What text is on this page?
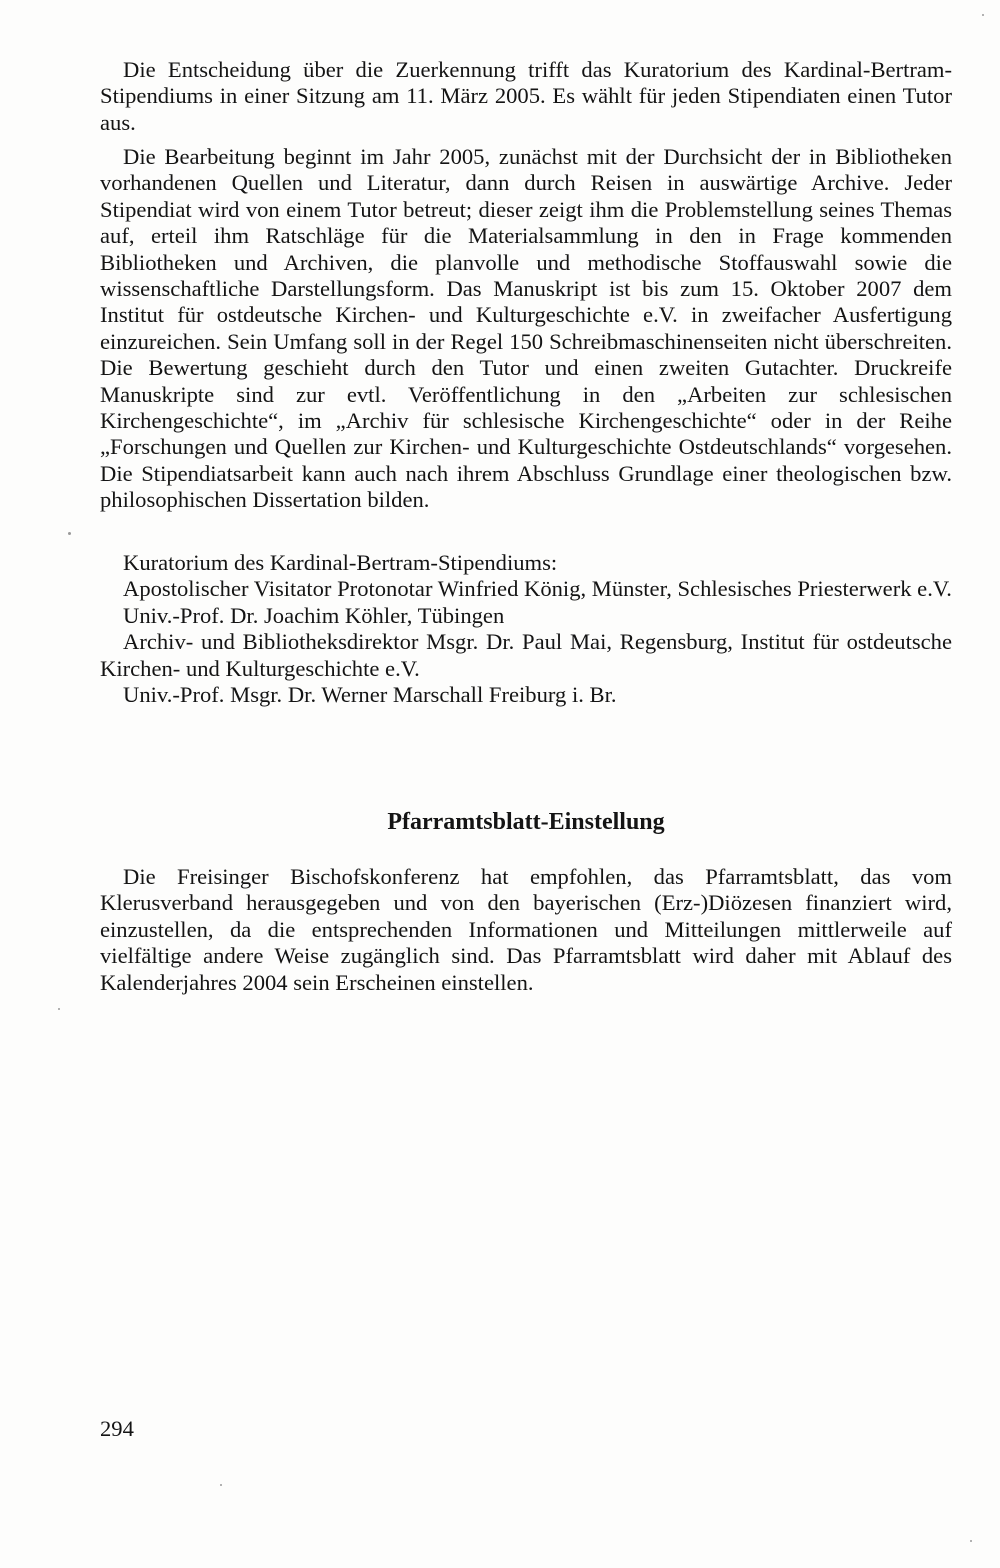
Die Entscheidung über die Zuerkennung trifft das Kuratorium des Kardinal-Bertram-Stipendiums in einer Sitzung am 11. März 2005. Es wählt für jeden Stipendiaten einen Tutor aus.

Die Bearbeitung beginnt im Jahr 2005, zunächst mit der Durchsicht der in Bibliotheken vorhandenen Quellen und Literatur, dann durch Reisen in auswärtige Archive. Jeder Stipendiat wird von einem Tutor betreut; dieser zeigt ihm die Problemstellung seines Themas auf, erteil ihm Ratschläge für die Materialsammlung in den in Frage kommenden Bibliotheken und Archiven, die planvolle und methodische Stoffauswahl sowie die wissenschaftliche Darstellungsform. Das Manuskript ist bis zum 15. Oktober 2007 dem Institut für ostdeutsche Kirchen- und Kulturgeschichte e.V. in zweifacher Ausfertigung einzureichen. Sein Umfang soll in der Regel 150 Schreibmaschinenseiten nicht überschreiten. Die Bewertung geschieht durch den Tutor und einen zweiten Gutachter. Druckreife Manuskripte sind zur evtl. Veröffentlichung in den „Arbeiten zur schlesischen Kirchengeschichte“, im „Archiv für schlesische Kirchengeschichte“ oder in der Reihe „Forschungen und Quellen zur Kirchen- und Kulturgeschichte Ostdeutschlands“ vorgesehen. Die Stipendiatsarbeit kann auch nach ihrem Abschluss Grundlage einer theologischen bzw. philosophischen Dissertation bilden.

Kuratorium des Kardinal-Bertram-Stipendiums:

Apostolischer Visitator Protonotar Winfried König, Münster, Schlesisches Priesterwerk e.V.

Univ.-Prof. Dr. Joachim Köhler, Tübingen

Archiv- und Bibliotheksdirektor Msgr. Dr. Paul Mai, Regensburg, Institut für ostdeutsche Kirchen- und Kulturgeschichte e.V.

Univ.-Prof. Msgr. Dr. Werner Marschall Freiburg i. Br.

Pfarramtsblatt-Einstellung

Die Freisinger Bischofskonferenz hat empfohlen, das Pfarramtsblatt, das vom Klerusverband herausgegeben und von den bayerischen (Erz-)Diözesen finanziert wird, einzustellen, da die entsprechenden Informationen und Mitteilungen mittlerweile auf vielfältige andere Weise zugänglich sind. Das Pfarramtsblatt wird daher mit Ablauf des Kalenderjahres 2004 sein Erscheinen einstellen.

294
